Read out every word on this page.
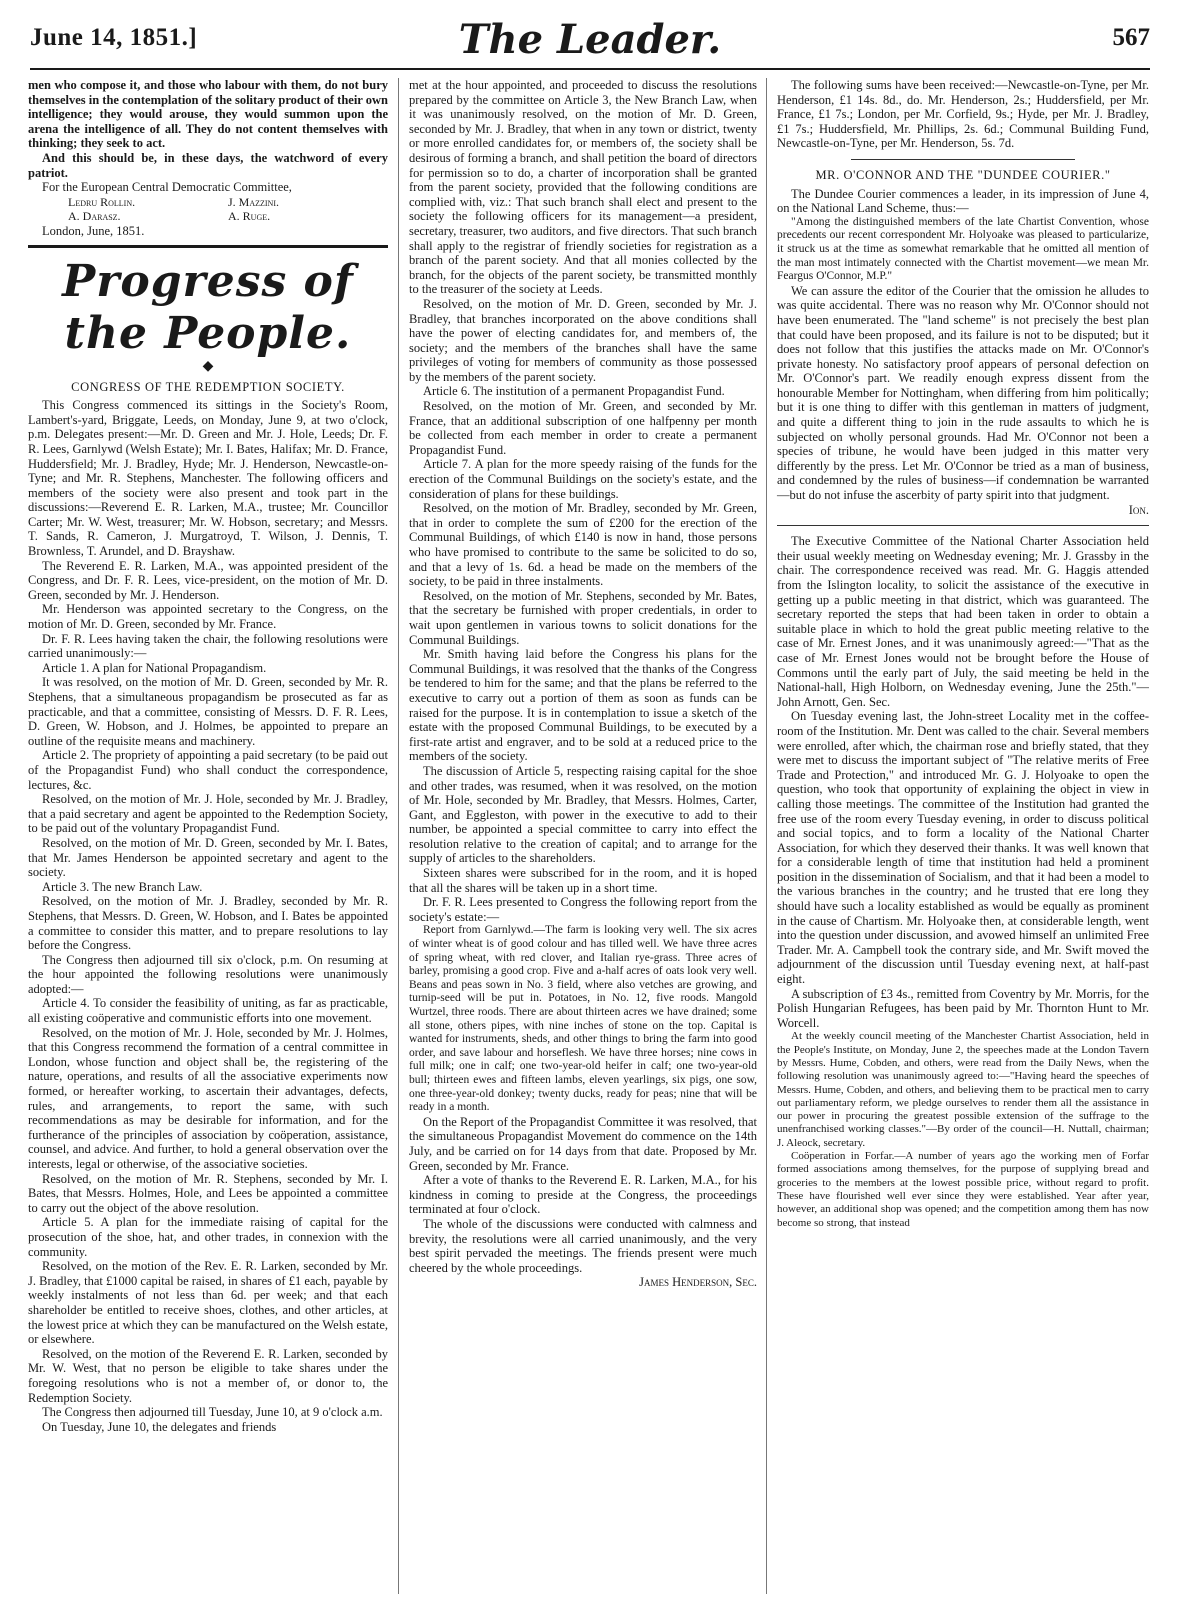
June 14, 1851.]	The Leader.	567

men who compose it, and those who labour with them, do not bury themselves in the contemplation of the solitary product of their own intelligence; they would arouse, they would summon upon the arena the intelligence of all. They do not content themselves with thinking; they seek to act.

And this should be, in these days, the watchword of every patriot.

For the European Central Democratic Committee,

Ledru Rollin.	J. Mazzini.
A. Darasz.	A. Ruge.

London, June, 1851.

Progress of the People.
◆

CONGRESS OF THE REDEMPTION SOCIETY.

This Congress commenced its sittings in the Society's Room, Lambert's-yard, Briggate, Leeds, on Monday, June 9, at two o'clock, p.m. Delegates present:—Mr. D. Green and Mr. J. Hole, Leeds; Dr. F. R. Lees, Garnlywd (Welsh Estate); Mr. I. Bates, Halifax; Mr. D. France, Huddersfield; Mr. J. Bradley, Hyde; Mr. J. Henderson, Newcastle-on-Tyne; and Mr. R. Stephens, Manchester. The following officers and members of the society were also present and took part in the discussions:—Reverend E. R. Larken, M.A., trustee; Mr. Councillor Carter; Mr. W. West, treasurer; Mr. W. Hobson, secretary; and Messrs. T. Sands, R. Cameron, J. Murgatroyd, T. Wilson, J. Dennis, T. Brownless, T. Arundel, and D. Brayshaw.

The Reverend E. R. Larken, M.A., was appointed president of the Congress, and Dr. F. R. Lees, vice-president, on the motion of Mr. D. Green, seconded by Mr. J. Henderson.

Mr. Henderson was appointed secretary to the Congress, on the motion of Mr. D. Green, seconded by Mr. France.

Dr. F. R. Lees having taken the chair, the following resolutions were carried unanimously:—

Article 1. A plan for National Propagandism.

It was resolved, on the motion of Mr. D. Green, seconded by Mr. R. Stephens, that a simultaneous propagandism be prosecuted as far as practicable, and that a committee, consisting of Messrs. D. F. R. Lees, D. Green, W. Hobson, and J. Holmes, be appointed to prepare an outline of the requisite means and machinery.

Article 2. The propriety of appointing a paid secretary (to be paid out of the Propagandist Fund) who shall conduct the correspondence, lectures, &c.

Resolved, on the motion of Mr. J. Hole, seconded by Mr. J. Bradley, that a paid secretary and agent be appointed to the Redemption Society, to be paid out of the voluntary Propagandist Fund.

Resolved, on the motion of Mr. D. Green, seconded by Mr. I. Bates, that Mr. James Henderson be appointed secretary and agent to the society.

Article 3. The new Branch Law.

Resolved, on the motion of Mr. J. Bradley, seconded by Mr. R. Stephens, that Messrs. D. Green, W. Hobson, and I. Bates be appointed a committee to consider this matter, and to prepare resolutions to lay before the Congress.

The Congress then adjourned till six o'clock, p.m. On resuming at the hour appointed the following resolutions were unanimously adopted:—

Article 4. To consider the feasibility of uniting, as far as practicable, all existing coöperative and communistic efforts into one movement.

Resolved, on the motion of Mr. J. Hole, seconded by Mr. J. Holmes, that this Congress recommend the formation of a central committee in London, whose function and object shall be, the registering of the nature, operations, and results of all the associative experiments now formed, or hereafter working, to ascertain their advantages, defects, rules, and arrangements, to report the same, with such recommendations as may be desirable for information, and for the furtherance of the principles of association by coöperation, assistance, counsel, and advice. And further, to hold a general observation over the interests, legal or otherwise, of the associative societies.

Resolved, on the motion of Mr. R. Stephens, seconded by Mr. I. Bates, that Messrs. Holmes, Hole, and Lees be appointed a committee to carry out the object of the above resolution.

Article 5. A plan for the immediate raising of capital for the prosecution of the shoe, hat, and other trades, in connexion with the community.

Resolved, on the motion of the Rev. E. R. Larken, seconded by Mr. J. Bradley, that £1000 capital be raised, in shares of £1 each, payable by weekly instalments of not less than 6d. per week; and that each shareholder be entitled to receive shoes, clothes, and other articles, at the lowest price at which they can be manufactured on the Welsh estate, or elsewhere.

Resolved, on the motion of the Reverend E. R. Larken, seconded by Mr. W. West, that no person be eligible to take shares under the foregoing resolutions who is not a member of, or donor to, the Redemption Society.

The Congress then adjourned till Tuesday, June 10, at 9 o'clock a.m.

On Tuesday, June 10, the delegates and friends

met at the hour appointed, and proceeded to discuss the resolutions prepared by the committee on Article 3, the New Branch Law, when it was unanimously resolved, on the motion of Mr. D. Green, seconded by Mr. J. Bradley, that when in any town or district, twenty or more enrolled candidates for, or members of, the society shall be desirous of forming a branch, and shall petition the board of directors for permission so to do, a charter of incorporation shall be granted from the parent society, provided that the following conditions are complied with, viz.: That such branch shall elect and present to the society the following officers for its management—a president, secretary, treasurer, two auditors, and five directors. That such branch shall apply to the registrar of friendly societies for registration as a branch of the parent society. And that all monies collected by the branch, for the objects of the parent society, be transmitted monthly to the treasurer of the society at Leeds.

Resolved, on the motion of Mr. D. Green, seconded by Mr. J. Bradley, that branches incorporated on the above conditions shall have the power of electing candidates for, and members of, the society; and the members of the branches shall have the same privileges of voting for members of community as those possessed by the members of the parent society.

Article 6. The institution of a permanent Propagandist Fund.

Resolved, on the motion of Mr. Green, and seconded by Mr. France, that an additional subscription of one halfpenny per month be collected from each member in order to create a permanent Propagandist Fund.

Article 7. A plan for the more speedy raising of the funds for the erection of the Communal Buildings on the society's estate, and the consideration of plans for these buildings.

Resolved, on the motion of Mr. Bradley, seconded by Mr. Green, that in order to complete the sum of £200 for the erection of the Communal Buildings, of which £140 is now in hand, those persons who have promised to contribute to the same be solicited to do so, and that a levy of 1s. 6d. a head be made on the members of the society, to be paid in three instalments.

Resolved, on the motion of Mr. Stephens, seconded by Mr. Bates, that the secretary be furnished with proper credentials, in order to wait upon gentlemen in various towns to solicit donations for the Communal Buildings.

Mr. Smith having laid before the Congress his plans for the Communal Buildings, it was resolved that the thanks of the Congress be tendered to him for the same; and that the plans be referred to the executive to carry out a portion of them as soon as funds can be raised for the purpose. It is in contemplation to issue a sketch of the estate with the proposed Communal Buildings, to be executed by a first-rate artist and engraver, and to be sold at a reduced price to the members of the society.

The discussion of Article 5, respecting raising capital for the shoe and other trades, was resumed, when it was resolved, on the motion of Mr. Hole, seconded by Mr. Bradley, that Messrs. Holmes, Carter, Gant, and Eggleston, with power in the executive to add to their number, be appointed a special committee to carry into effect the resolution relative to the creation of capital; and to arrange for the supply of articles to the shareholders.

Sixteen shares were subscribed for in the room, and it is hoped that all the shares will be taken up in a short time.

Dr. F. R. Lees presented to Congress the following report from the society's estate:—

Report from Garnlywd.—The farm is looking very well. The six acres of winter wheat is of good colour and has tilled well. We have three acres of spring wheat, with red clover, and Italian rye-grass. Three acres of barley, promising a good crop. Five and a-half acres of oats look very well. Beans and peas sown in No. 3 field, where also vetches are growing, and turnip-seed will be put in. Potatoes, in No. 12, five roods. Mangold Wurtzel, three roods. There are about thirteen acres we have drained; some all stone, others pipes, with nine inches of stone on the top. Capital is wanted for instruments, sheds, and other things to bring the farm into good order, and save labour and horseflesh. We have three horses; nine cows in full milk; one in calf; one two-year-old heifer in calf; one two-year-old bull; thirteen ewes and fifteen lambs, eleven yearlings, six pigs, one sow, one three-year-old donkey; twenty ducks, ready for peas; nine that will be ready in a month.

On the Report of the Propagandist Committee it was resolved, that the simultaneous Propagandist Movement do commence on the 14th July, and be carried on for 14 days from that date. Proposed by Mr. Green, seconded by Mr. France.

After a vote of thanks to the Reverend E. R. Larken, M.A., for his kindness in coming to preside at the Congress, the proceedings terminated at four o'clock.

The whole of the discussions were conducted with calmness and brevity, the resolutions were all carried unanimously, and the very best spirit pervaded the meetings. The friends present were much cheered by the whole proceedings.

James Henderson, Sec.

The following sums have been received:—Newcastle-on-Tyne, per Mr. Henderson, £1 14s. 8d., do. Mr. Henderson, 2s.; Huddersfield, per Mr. France, £1 7s.; London, per Mr. Corfield, 9s.; Hyde, per Mr. J. Bradley, £1 7s.; Huddersfield, Mr. Phillips, 2s. 6d.; Communal Building Fund, Newcastle-on-Tyne, per Mr. Henderson, 5s. 7d.

MR. O'CONNOR AND THE "DUNDEE COURIER."

The Dundee Courier commences a leader, in its impression of June 4, on the National Land Scheme, thus:—

"Among the distinguished members of the late Chartist Convention, whose precedents our recent correspondent Mr. Holyoake was pleased to particularize, it struck us at the time as somewhat remarkable that he omitted all mention of the man most intimately connected with the Chartist movement—we mean Mr. Feargus O'Connor, M.P."

We can assure the editor of the Courier that the omission he alludes to was quite accidental. There was no reason why Mr. O'Connor should not have been enumerated. The "land scheme" is not precisely the best plan that could have been proposed, and its failure is not to be disputed; but it does not follow that this justifies the attacks made on Mr. O'Connor's private honesty. No satisfactory proof appears of personal defection on Mr. O'Connor's part. We readily enough express dissent from the honourable Member for Nottingham, when differing from him politically; but it is one thing to differ with this gentleman in matters of judgment, and quite a different thing to join in the rude assaults to which he is subjected on wholly personal grounds. Had Mr. O'Connor not been a species of tribune, he would have been judged in this matter very differently by the press. Let Mr. O'Connor be tried as a man of business, and condemned by the rules of business—if condemnation be warranted—but do not infuse the ascerbity of party spirit into that judgment.

Ion.

The Executive Committee of the National Charter Association held their usual weekly meeting on Wednesday evening; Mr. J. Grassby in the chair. The correspondence received was read. Mr. G. Haggis attended from the Islington locality, to solicit the assistance of the executive in getting up a public meeting in that district, which was guaranteed. The secretary reported the steps that had been taken in order to obtain a suitable place in which to hold the great public meeting relative to the case of Mr. Ernest Jones, and it was unanimously agreed:—"That as the case of Mr. Ernest Jones would not be brought before the House of Commons until the early part of July, the said meeting be held in the National-hall, High Holborn, on Wednesday evening, June the 25th."—John Arnott, Gen. Sec.

On Tuesday evening last, the John-street Locality met in the coffee-room of the Institution. Mr. Dent was called to the chair. Several members were enrolled, after which, the chairman rose and briefly stated, that they were met to discuss the important subject of "The relative merits of Free Trade and Protection," and introduced Mr. G. J. Holyoake to open the question, who took that opportunity of explaining the object in view in calling those meetings. The committee of the Institution had granted the free use of the room every Tuesday evening, in order to discuss political and social topics, and to form a locality of the National Charter Association, for which they deserved their thanks. It was well known that for a considerable length of time that institution had held a prominent position in the dissemination of Socialism, and that it had been a model to the various branches in the country; and he trusted that ere long they should have such a locality established as would be equally as prominent in the cause of Chartism. Mr. Holyoake then, at considerable length, went into the question under discussion, and avowed himself an unlimited Free Trader. Mr. A. Campbell took the contrary side, and Mr. Swift moved the adjournment of the discussion until Tuesday evening next, at half-past eight.

A subscription of £3 4s., remitted from Coventry by Mr. Morris, for the Polish Hungarian Refugees, has been paid by Mr. Thornton Hunt to Mr. Worcell.

At the weekly council meeting of the Manchester Chartist Association, held in the People's Institute, on Monday, June 2, the speeches made at the London Tavern by Messrs. Hume, Cobden, and others, were read from the Daily News, when the following resolution was unanimously agreed to:—"Having heard the speeches of Messrs. Hume, Cobden, and others, and believing them to be practical men to carry out parliamentary reform, we pledge ourselves to render them all the assistance in our power in procuring the greatest possible extension of the suffrage to the unenfranchised working classes."—By order of the council—H. Nuttall, chairman; J. Aleock, secretary.

Coöperation in Forfar.—A number of years ago the working men of Forfar formed associations among themselves, for the purpose of supplying bread and groceries to the members at the lowest possible price, without regard to profit. These have flourished well ever since they were established. Year after year, however, an additional shop was opened; and the competition among them has now become so strong, that instead
